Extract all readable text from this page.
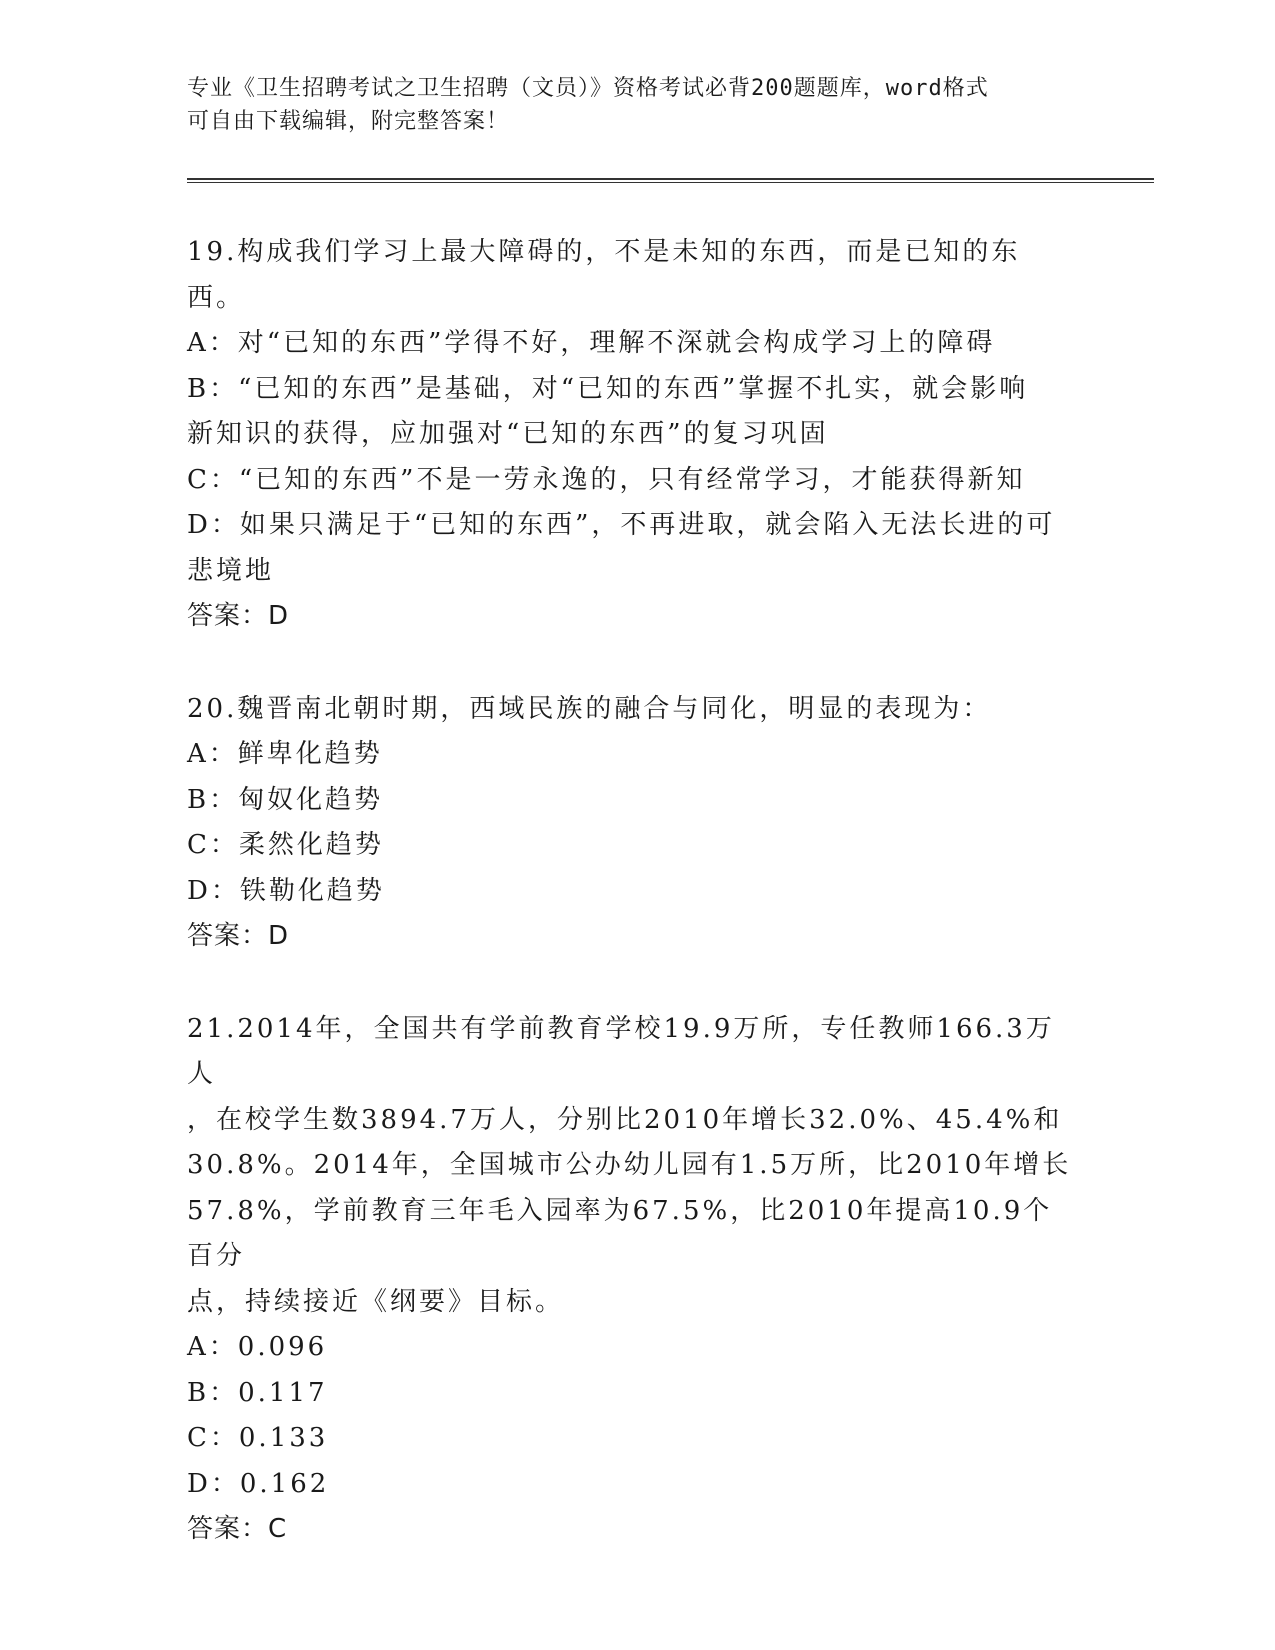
专业《卫生招聘考试之卫生招聘（文员）》资格考试必背200题题库，word格式
可自由下载编辑，附完整答案！
19.构成我们学习上最大障碍的，不是未知的东西，而是已知的东西。
A：对“已知的东西”学得不好，理解不深就会构成学习上的障碍
B：“已知的东西”是基础，对“已知的东西”掌握不扎实，就会影响
新知识的获得，应加强对“已知的东西”的复习巩固
C：“已知的东西”不是一劳永逸的，只有经常学习，才能获得新知
D：如果只满足于“已知的东西”，不再进取，就会陷入无法长进的可
悲境地
答案：D
20.魏晋南北朝时期，西域民族的融合与同化，明显的表现为：
A：鲜卑化趋势
B：匈奴化趋势
C：柔然化趋势
D：铁勒化趋势
答案：D
21.2014年，全国共有学前教育学校19.9万所，专任教师166.3万人
，在校学生数3894.7万人，分别比2010年增长32.0%、45.4%和
30.8%。2014年，全国城市公办幼儿园有1.5万所，比2010年增长
57.8%，学前教育三年毛入园率为67.5%，比2010年提高10.9个百分
点，持续接近《纲要》目标。
A：0.096
B：0.117
C：0.133
D：0.162
答案：C
